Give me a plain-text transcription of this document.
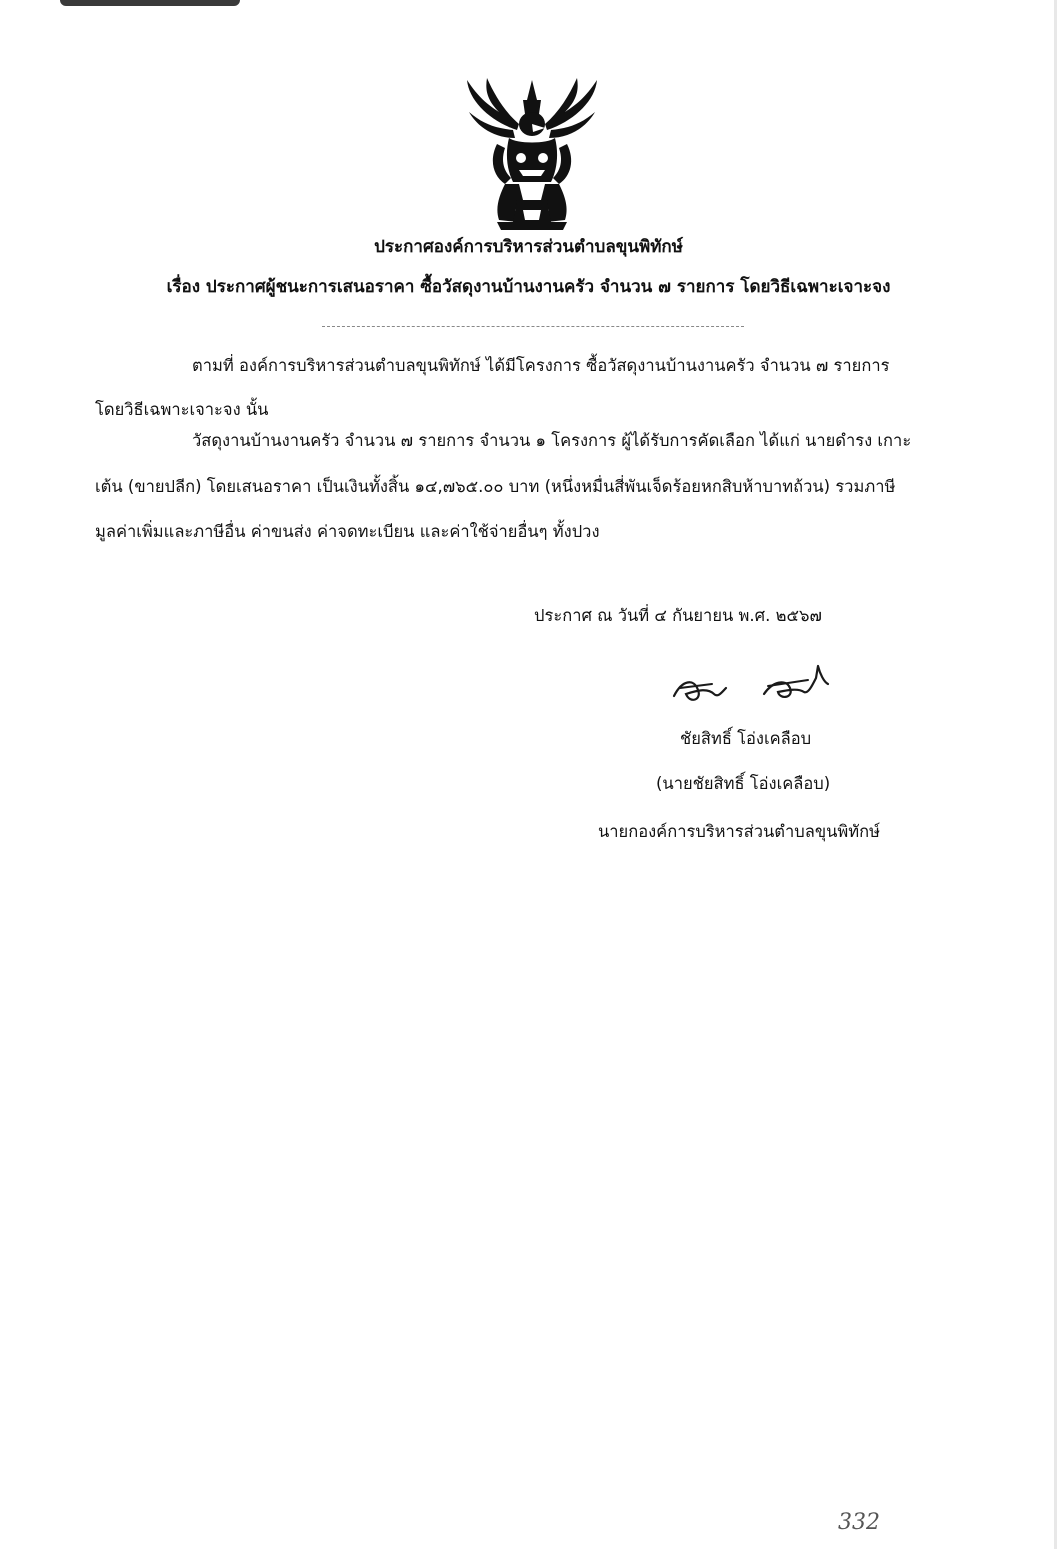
ประกาศองค์การบริหารส่วนตำบลขุนพิทักษ์
เรื่อง ประกาศผู้ชนะการเสนอราคา ซื้อวัสดุงานบ้านงานครัว จำนวน ๗ รายการ โดยวิธีเฉพาะเจาะจง
ตามที่ องค์การบริหารส่วนตำบลขุนพิทักษ์ ได้มีโครงการ ซื้อวัสดุงานบ้านงานครัว จำนวน ๗ รายการ
โดยวิธีเฉพาะเจาะจง นั้น
วัสดุงานบ้านงานครัว จำนวน ๗ รายการ จำนวน ๑ โครงการ ผู้ได้รับการคัดเลือก ได้แก่ นายดำรง เกาะ
เต้น (ขายปลีก) โดยเสนอราคา เป็นเงินทั้งสิ้น ๑๔,๗๖๕.๐๐ บาท (หนึ่งหมื่นสี่พันเจ็ดร้อยหกสิบห้าบาทถ้วน) รวมภาษี
มูลค่าเพิ่มและภาษีอื่น ค่าขนส่ง ค่าจดทะเบียน และค่าใช้จ่ายอื่นๆ ทั้งปวง
ประกาศ ณ วันที่ ๔ กันยายน พ.ศ. ๒๕๖๗
ชัยสิทธิ์ โอ่งเคลือบ
(นายชัยสิทธิ์ โอ่งเคลือบ)
นายกองค์การบริหารส่วนตำบลขุนพิทักษ์
332
